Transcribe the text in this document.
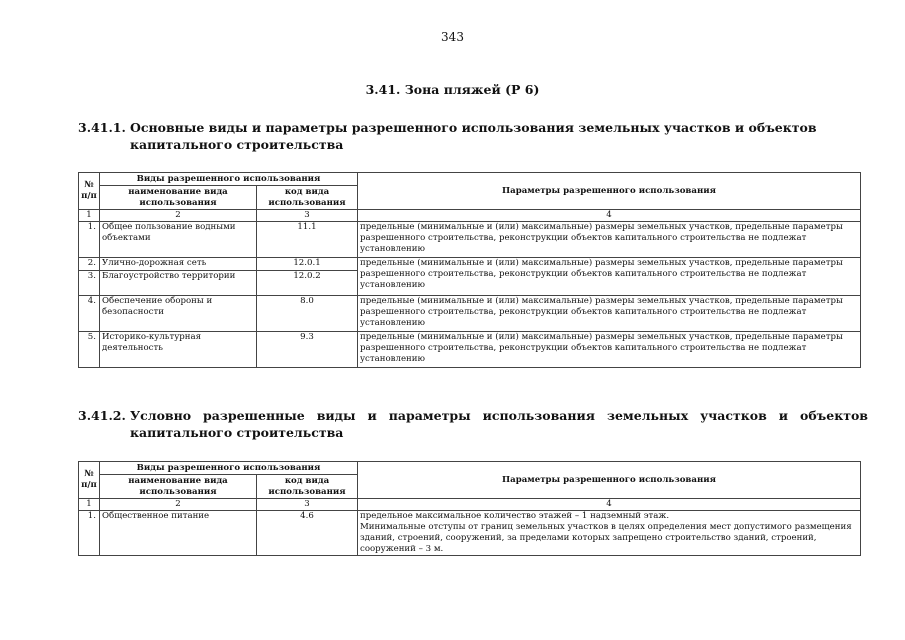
343
3.41. Зона пляжей (Р 6)
3.41.1. Основные виды и параметры разрешенного использования земельных участков и объектов капитального строительства
№ п/п	Виды разрешенного использования		Параметры разрешенного использования
	наименование вида использования	код вида использования	
1	2	3	4
1.	Общее пользование водными объектами	11.1	предельные (минимальные и (или) максимальные) размеры земельных участков, предельные параметры разрешенного строительства, реконструкции объектов капитального строительства не подлежат установлению
2.	Улично-дорожная сеть	12.0.1	предельные (минимальные и (или) максимальные) размеры земельных участков, предельные параметры разрешенного строительства, реконструкции объектов капитального строительства не подлежат установлению
3.	Благоустройство территории	12.0.2	
4.	Обеспечение обороны и безопасности	8.0	предельные (минимальные и (или) максимальные) размеры земельных участков, предельные параметры разрешенного строительства, реконструкции объектов капитального строительства не подлежат установлению
5.	Историко-культурная деятельность	9.3	предельные (минимальные и (или) максимальные) размеры земельных участков, предельные параметры разрешенного строительства, реконструкции объектов капитального строительства не подлежат установлению
3.41.2. Условно разрешенные виды и параметры использования земельных участков и объектов капитального строительства
№ п/п	Виды разрешенного использования		Параметры разрешенного использования
	наименование вида использования	код вида использования	
1	2	3	4
1.	Общественное питание	4.6	предельное максимальное количество этажей – 1 надземный этаж.
Минимальные отступы от границ земельных участков в целях определения мест допустимого размещения зданий, строений, сооружений, за пределами которых запрещено строительство зданий, строений, сооружений – 3 м.
